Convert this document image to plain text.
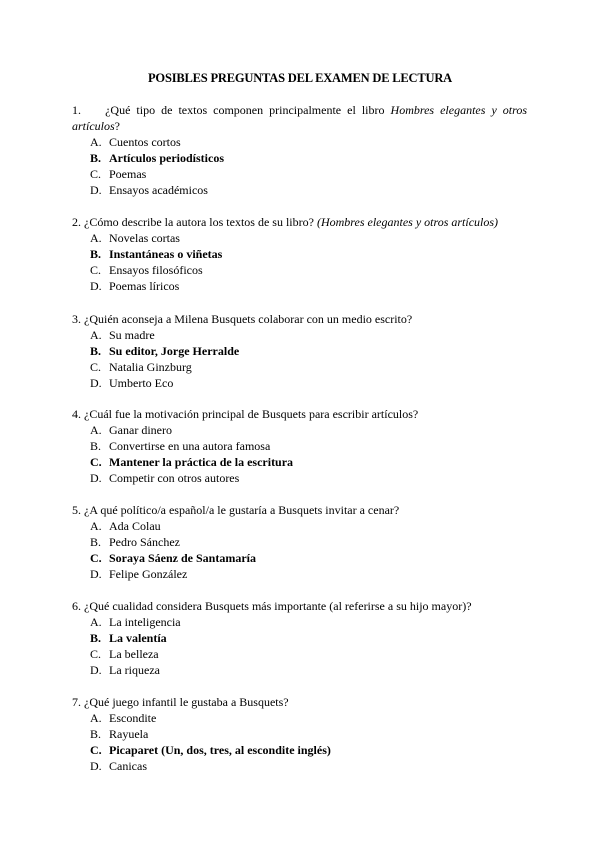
POSIBLES PREGUNTAS DEL EXAMEN DE LECTURA
1. ¿Qué tipo de textos componen principalmente el libro Hombres elegantes y otros artículos?
A. Cuentos cortos
B. Artículos periodísticos
C. Poemas
D. Ensayos académicos
2. ¿Cómo describe la autora los textos de su libro? (Hombres elegantes y otros artículos)
A. Novelas cortas
B. Instantáneas o viñetas
C. Ensayos filosóficos
D. Poemas líricos
3. ¿Quién aconseja a Milena Busquets colaborar con un medio escrito?
A. Su madre
B. Su editor, Jorge Herralde
C. Natalia Ginzburg
D. Umberto Eco
4. ¿Cuál fue la motivación principal de Busquets para escribir artículos?
A. Ganar dinero
B. Convertirse en una autora famosa
C. Mantener la práctica de la escritura
D. Competir con otros autores
5. ¿A qué político/a español/a le gustaría a Busquets invitar a cenar?
A. Ada Colau
B. Pedro Sánchez
C. Soraya Sáenz de Santamaría
D. Felipe González
6. ¿Qué cualidad considera Busquets más importante (al referirse a su hijo mayor)?
A. La inteligencia
B. La valentía
C. La belleza
D. La riqueza
7. ¿Qué juego infantil le gustaba a Busquets?
A. Escondite
B. Rayuela
C. Picaparet (Un, dos, tres, al escondite inglés)
D. Canicas
